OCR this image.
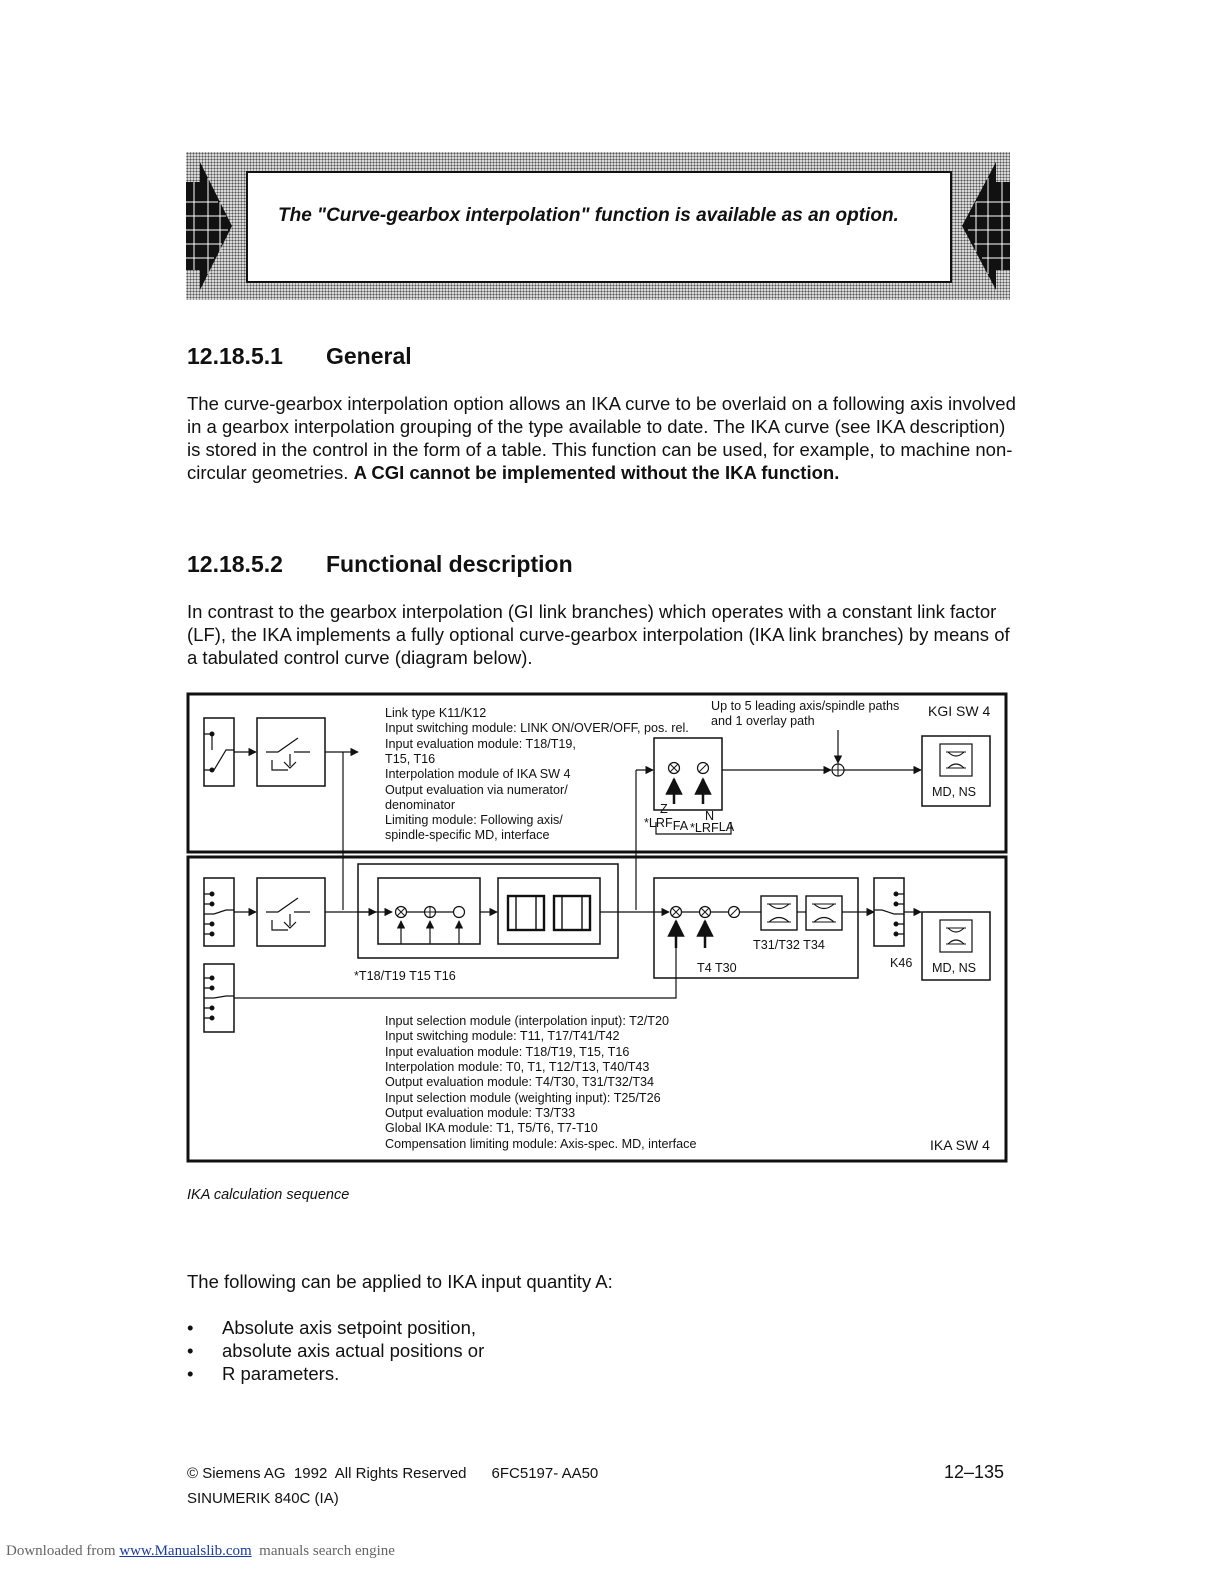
The "Curve-gearbox interpolation" function is available as an option.
12.18.5.1 General

The curve-gearbox interpolation option allows an IKA curve to be overlaid on a following axis involved in a gearbox interpolation grouping of the type available to date. The IKA curve (see IKA description) is stored in the control in the form of a table. This function can be used, for example, to machine non-circular geometries. A CGI cannot be implemented without the IKA function.

12.18.5.2 Functional description

In contrast to the gearbox interpolation (GI link branches) which operates with a constant link factor (LF), the IKA implements a fully optional curve-gearbox interpolation (IKA link branches) by means of a tabulated control curve (diagram below).

Link type K11/K12
Input switching module: LINK ON/OVER/OFF, pos. rel.
Input evaluation module: T18/T19,
T15, T16
Interpolation module of IKA SW 4
Output evaluation via numerator/
denominator
Limiting module: Following axis/
spindle-specific MD, interface
Up to 5 leading axis/spindle paths
and 1 overlay path
KGI SW 4
Z	N
*LRFFA *LRFLA
MD, NS
*T18/T19 T15 T16
T4 T30
T31/T32 T34
K46 MD, NS
Input selection module (interpolation input): T2/T20
Input switching module: T11, T17/T41/T42
Input evaluation module: T18/T19, T15, T16
Interpolation module: T0, T1, T12/T13, T40/T43
Output evaluation module: T4/T30, T31/T32/T34
Input selection module (weighting input): T25/T26
Output evaluation module: T3/T33
Global IKA module: T1, T5/T6, T7-T10
Compensation limiting module: Axis-spec. MD, interface	IKA SW 4
IKA calculation sequence

The following can be applied to IKA input quantity A:

• Absolute axis setpoint position,
• absolute axis actual positions or
• R parameters.
© Siemens AG  1992  All Rights Reserved      6FC5197- AA50
SINUMERIK 840C (IA)
12–135
Downloaded from www.Manualslib.com  manuals search engine
